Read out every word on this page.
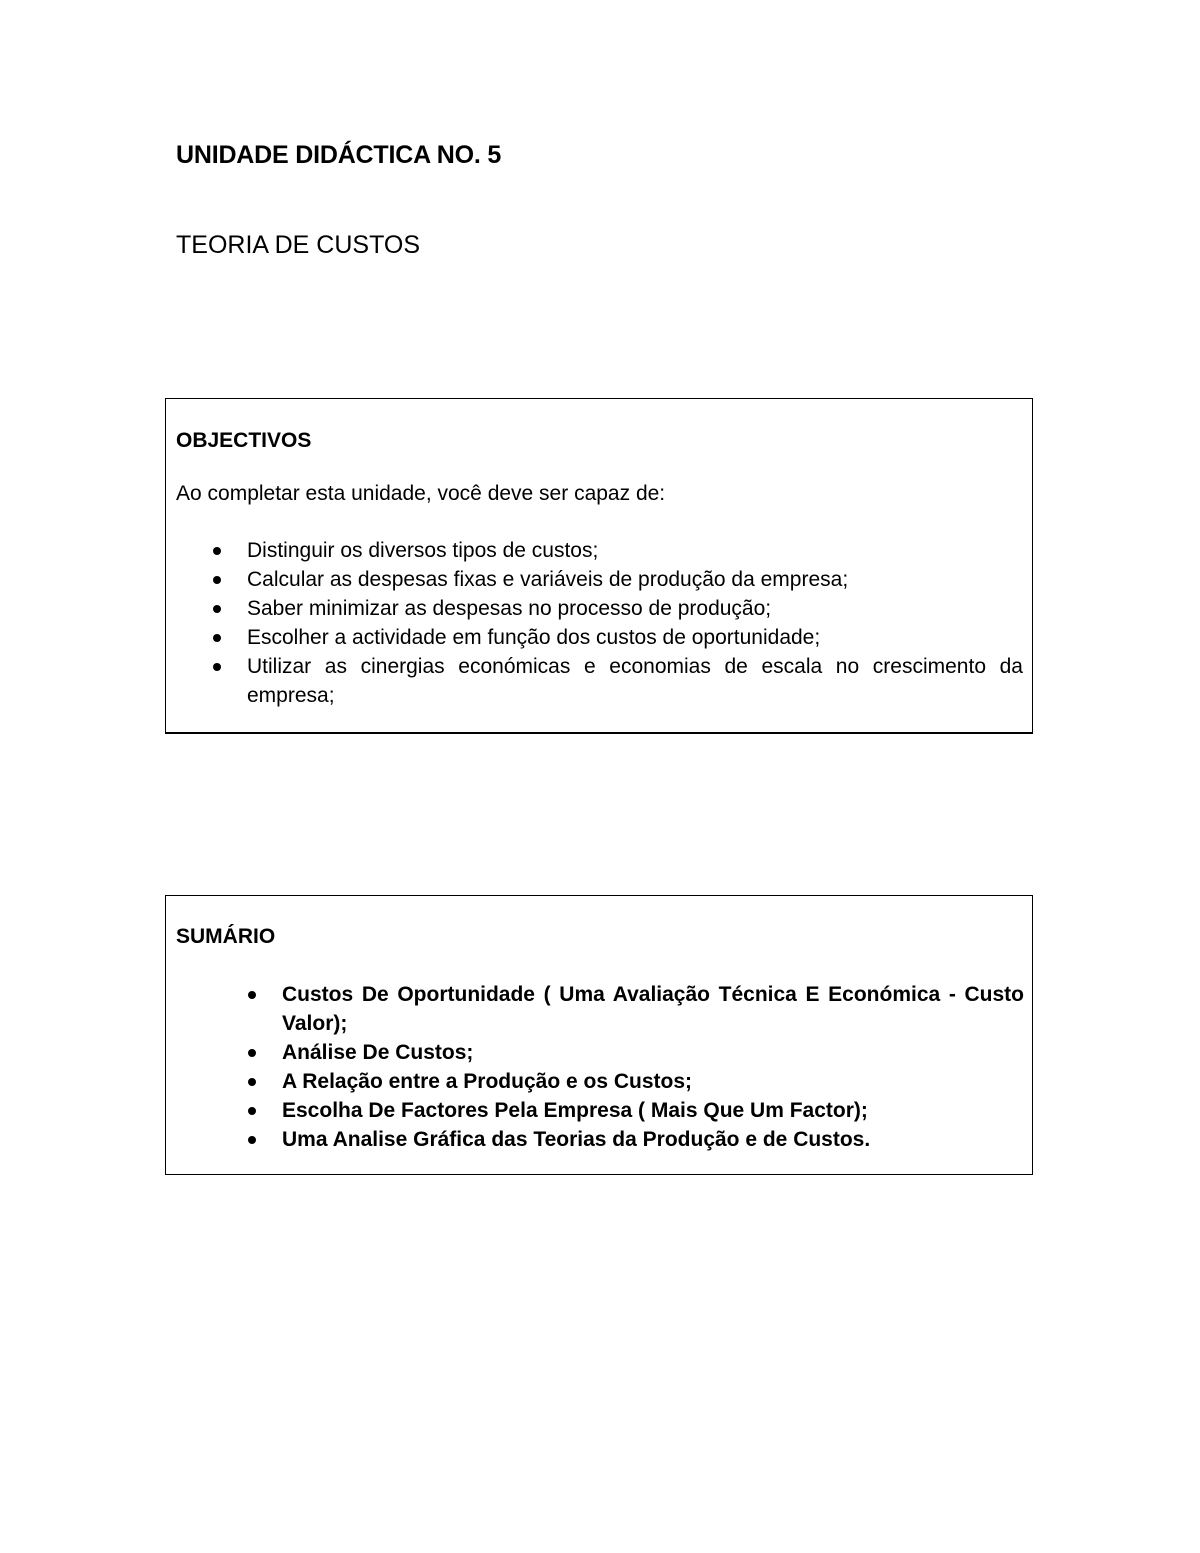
UNIDADE DIDÁCTICA NO. 5
TEORIA DE CUSTOS
OBJECTIVOS

Ao completar esta unidade, você deve ser capaz de:

Distinguir os diversos tipos de custos;
Calcular as despesas fixas e variáveis de produção da empresa;
Saber minimizar as despesas no processo de produção;
Escolher a actividade em função dos custos de oportunidade;
Utilizar as cinergias económicas e economias de escala no crescimento da empresa;
SUMÁRIO
Custos De Oportunidade ( Uma Avaliação Técnica E Económica - Custo Valor);
Análise De Custos;
A Relação entre a Produção e os Custos;
Escolha De Factores Pela Empresa ( Mais Que Um Factor);
Uma Analise Gráfica das Teorias da Produção e de Custos.
